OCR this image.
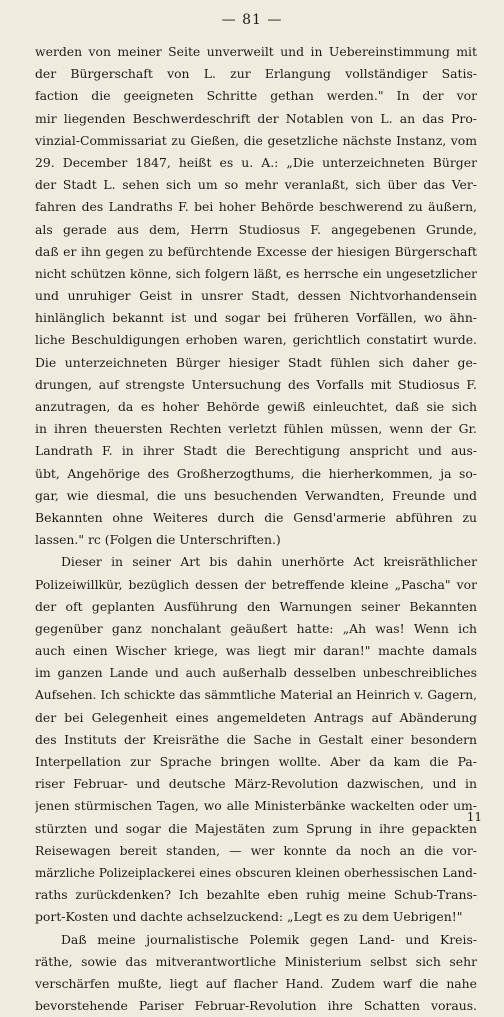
— 81 —
werden von meiner Seite unverweilt und in Uebereinstimmung mit
der Bürgerschaft von L. zur Erlangung vollständiger Satis-
faction die geeigneten Schritte gethan werden." In der vor
mir liegenden Beschwerdeschrift der Notablen von L. an das Pro-
vinzial-Commissariat zu Gießen, die gesetzliche nächste Instanz, vom
29. December 1847, heißt es u. A.: „Die unterzeichneten Bürger
der Stadt L. sehen sich um so mehr veranlaßt, sich über das Ver-
fahren des Landraths F. bei hoher Behörde beschwerend zu äußern,
als gerade aus dem, Herrn Studiosus F. angegebenen Grunde,
daß er ihn gegen zu befürchtende Excesse der hiesigen Bürgerschaft
nicht schützen könne, sich folgern läßt, es herrsche ein ungesetzlicher
und unruhiger Geist in unsrer Stadt, dessen Nichtvorhandensein
hinlänglich bekannt ist und sogar bei früheren Vorfällen, wo ähn-
liche Beschuldigungen erhoben waren, gerichtlich constatirt wurde.
Die unterzeichneten Bürger hiesiger Stadt fühlen sich daher ge-
drungen, auf strengste Untersuchung des Vorfalls mit Studiosus F.
anzutragen, da es hoher Behörde gewiß einleuchtet, daß sie sich
in ihren theuersten Rechten verletzt fühlen müssen, wenn der Gr.
Landrath F. in ihrer Stadt die Berechtigung anspricht und aus-
übt, Angehörige des Großherzogthums, die hierherkommen, ja so-
gar, wie diesmal, die uns besuchenden Verwandten, Freunde und
Bekannten ohne Weiteres durch die Gensd'armerie abführen zu
lassen." rc (Folgen die Unterschriften.)
Dieser in seiner Art bis dahin unerhörte Act kreisräthlicher
Polizeiwillkür, bezüglich dessen der betreffende kleine „Pascha" vor
der oft geplanten Ausführung den Warnungen seiner Bekannten
gegenüber ganz nonchalant geäußert hatte: „Ah was! Wenn ich
auch einen Wischer kriege, was liegt mir daran!" machte damals
im ganzen Lande und auch außerhalb desselben unbeschreibliches
Aufsehen. Ich schickte das sämmtliche Material an Heinrich v. Gagern,
der bei Gelegenheit eines angemeldeten Antrags auf Abänderung
des Instituts der Kreisräthe die Sache in Gestalt einer besondern
Interpellation zur Sprache bringen wollte. Aber da kam die Pa-
riser Februar- und deutsche März-Revolution dazwischen, und in
jenen stürmischen Tagen, wo alle Ministerbänke wackelten oder um-
stürzten und sogar die Majestäten zum Sprung in ihre gepackten
Reisewagen bereit standen, — wer konnte da noch an die vor-
märzliche Polizeiplackerei eines obscuren kleinen oberhessischen Land-
raths zurückdenken? Ich bezahlte eben ruhig meine Schub-Trans-
port-Kosten und dachte achselzuckend: „Legt es zu dem Uebrigen!"
Daß meine journalistische Polemik gegen Land- und Kreis-
räthe, sowie das mitverantwortliche Ministerium selbst sich sehr
verschärfen mußte, liegt auf flacher Hand. Zudem warf die nahe
bevorstehende Pariser Februar-Revolution ihre Schatten voraus.
11
